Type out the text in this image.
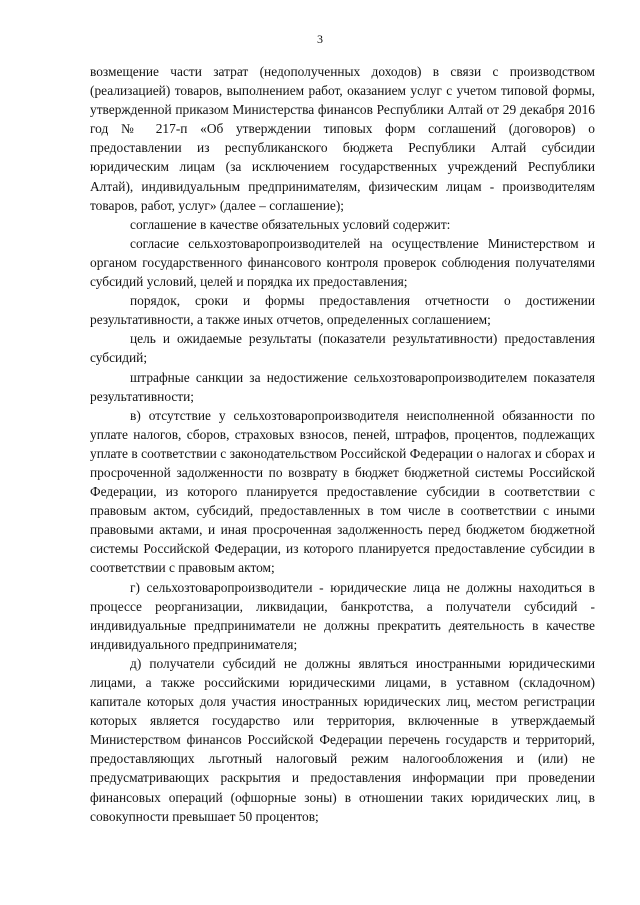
3

возмещение части затрат (недополученных доходов) в связи с производством (реализацией) товаров, выполнением работ, оказанием услуг с учетом типовой формы, утвержденной приказом Министерства финансов Республики Алтай от 29 декабря 2016 год № 217-п «Об утверждении типовых форм соглашений (договоров) о предоставлении из республиканского бюджета Республики Алтай субсидии юридическим лицам (за исключением государственных учреждений Республики Алтай), индивидуальным предпринимателям, физическим лицам - производителям товаров, работ, услуг» (далее – соглашение);

соглашение в качестве обязательных условий содержит:

согласие сельхозтоваропроизводителей на осуществление Министерством и органом государственного финансового контроля проверок соблюдения получателями субсидий условий, целей и порядка их предоставления;

порядок, сроки и формы предоставления отчетности о достижении результативности, а также иных отчетов, определенных соглашением;

цель и ожидаемые результаты (показатели результативности) предоставления субсидий;

штрафные санкции за недостижение сельхозтоваропроизводителем показателя результативности;

в) отсутствие у сельхозтоваропроизводителя неисполненной обязанности по уплате налогов, сборов, страховых взносов, пеней, штрафов, процентов, подлежащих уплате в соответствии с законодательством Российской Федерации о налогах и сборах и просроченной задолженности по возврату в бюджет бюджетной системы Российской Федерации, из которого планируется предоставление субсидии в соответствии с правовым актом, субсидий, предоставленных в том числе в соответствии с иными правовыми актами, и иная просроченная задолженность перед бюджетом бюджетной системы Российской Федерации, из которого планируется предоставление субсидии в соответствии с правовым актом;

г) сельхозтоваропроизводители - юридические лица не должны находиться в процессе реорганизации, ликвидации, банкротства, а получатели субсидий - индивидуальные предприниматели не должны прекратить деятельность в качестве индивидуального предпринимателя;

д) получатели субсидий не должны являться иностранными юридическими лицами, а также российскими юридическими лицами, в уставном (складочном) капитале которых доля участия иностранных юридических лиц, местом регистрации которых является государство или территория, включенные в утверждаемый Министерством финансов Российской Федерации перечень государств и территорий, предоставляющих льготный налоговый режим налогообложения и (или) не предусматривающих раскрытия и предоставления информации при проведении финансовых операций (офшорные зоны) в отношении таких юридических лиц, в совокупности превышает 50 процентов;
